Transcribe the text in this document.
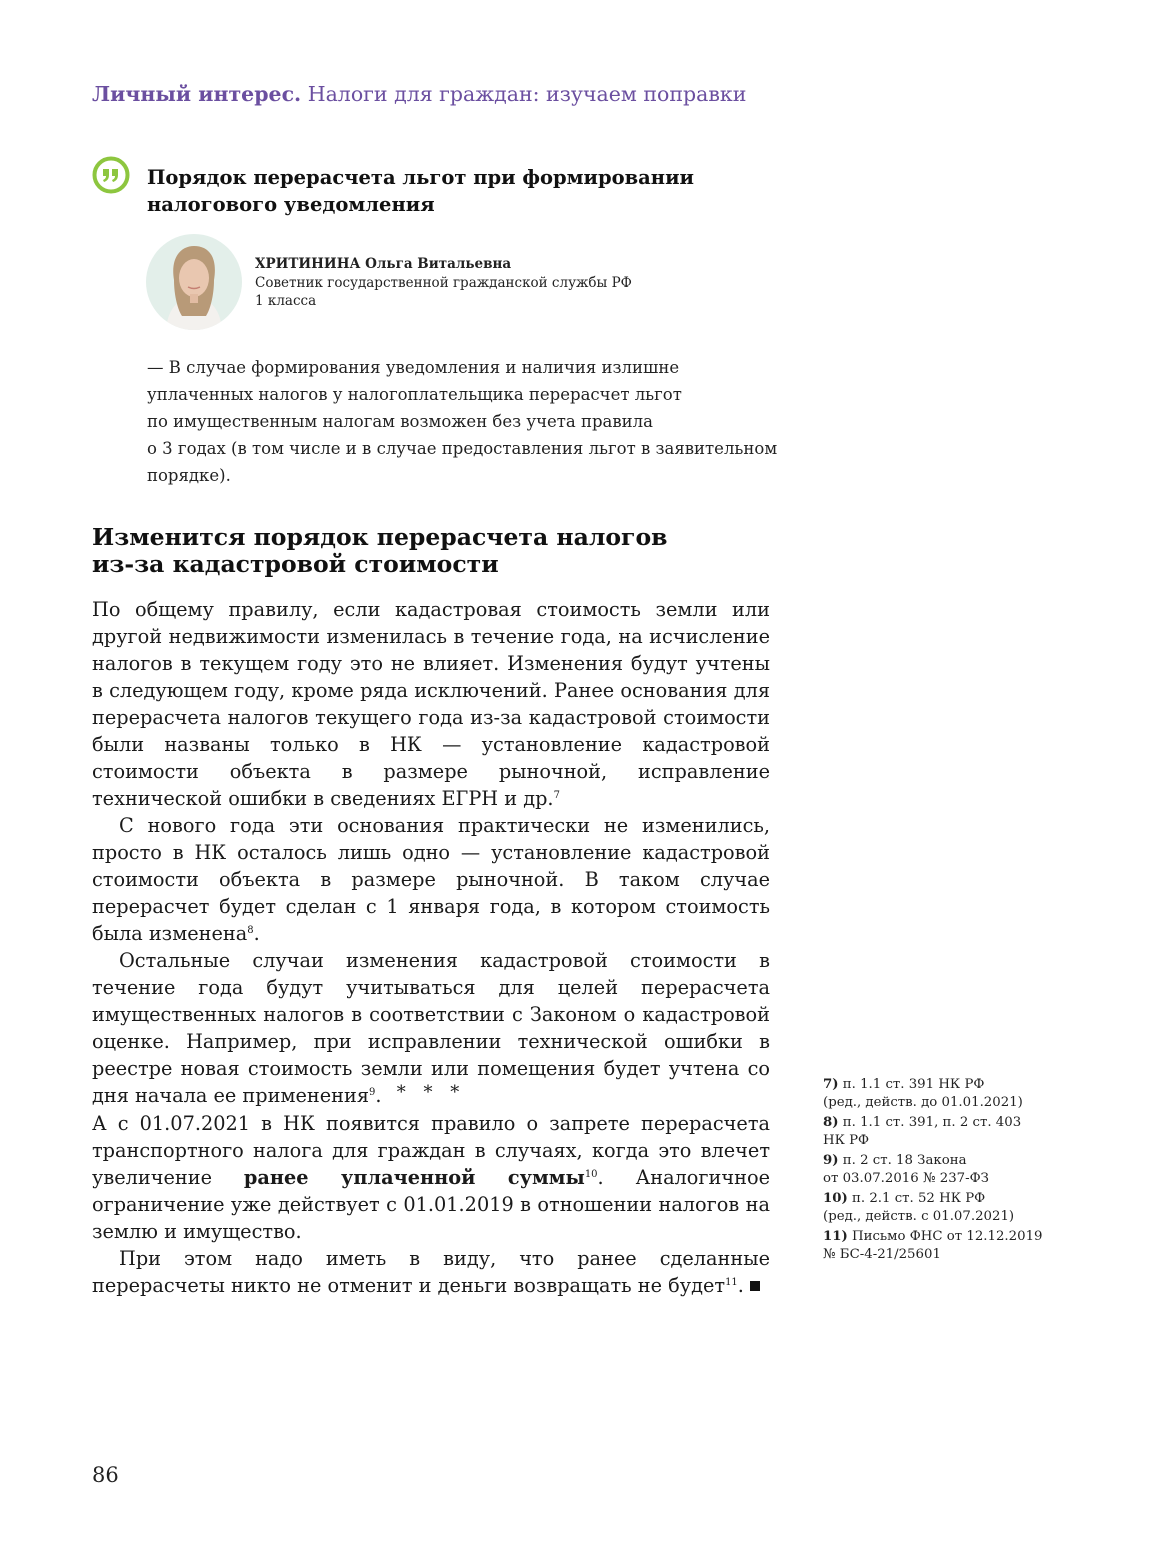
Личный интерес. Налоги для граждан: изучаем поправки
Порядок перерасчета льгот при формировании
налогового уведомления
ХРИТИНИНА Ольга Витальевна
Советник государственной гражданской службы РФ
1 класса
— В случае формирования уведомления и наличия излишне
уплаченных налогов у налогоплательщика перерасчет льгот
по имущественным налогам возможен без учета правила
о 3 годах (в том числе и в случае предоставления льгот в заявительном
порядке).
Изменится порядок перерасчета налогов
из-за кадастровой стоимости

По общему правилу, если кадастровая стоимость земли или другой недвижимости изменилась в течение года, на исчисление налогов в текущем году это не влияет. Изменения будут учтены в следующем году, кроме ряда исключений. Ранее основания для перерасчета налогов текущего года из-за кадастровой стоимости были названы только в НК — установление кадастровой стоимости объекта в размере рыночной, исправление технической ошибки в сведениях ЕГРН и др.$^7$

С нового года эти основания практически не изменились, просто в НК осталось лишь одно — установление кадастровой стоимости объекта в размере рыночной. В таком случае перерасчет будет сделан с 1 января года, в котором стоимость была изменена$^8$.

Остальные случаи изменения кадастровой стоимости в течение года будут учитываться для целей перерасчета имущественных налогов в соответствии с Законом о кадастровой оценке. Например, при исправлении технической ошибки в реестре новая стоимость земли или помещения будет учтена со дня начала ее применения$^9$. * * *

А с 01.07.2021 в НК появится правило о запрете перерасчета транспортного налога для граждан в случаях, когда это влечет увеличение ранее уплаченной суммы$^{10}$. Аналогичное ограничение уже действует с 01.01.2019 в отношении налогов на землю и имущество.

При этом надо иметь в виду, что ранее сделанные перерасчеты никто не отменит и деньги возвращать не будет$^{11}$.

7) п. 1.1 ст. 391 НК РФ
(ред., действ. до 01.01.2021)
8) п. 1.1 ст. 391, п. 2 ст. 403
НК РФ
9) п. 2 ст. 18 Закона
от 03.07.2016 № 237-ФЗ
10) п. 2.1 ст. 52 НК РФ
(ред., действ. с 01.07.2021)
11) Письмо ФНС от 12.12.2019
№ БС-4-21/25601
86
